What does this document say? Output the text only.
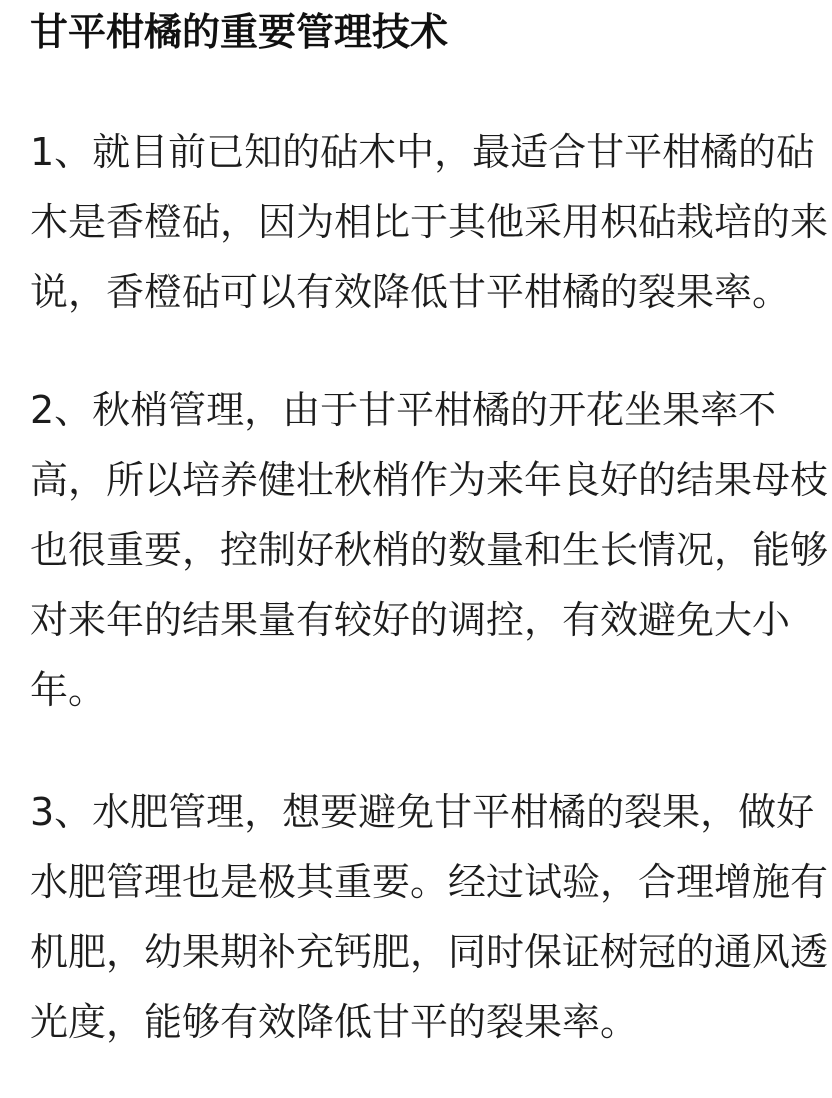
甘平柑橘的重要管理技术
1、就目前已知的砧木中，最适合甘平柑橘的砧
木是香橙砧，因为相比于其他采用枳砧栽培的来
说，香橙砧可以有效降低甘平柑橘的裂果率。
2、秋梢管理，由于甘平柑橘的开花坐果率不
高，所以培养健壮秋梢作为来年良好的结果母枝
也很重要，控制好秋梢的数量和生长情况，能够
对来年的结果量有较好的调控，有效避免大小
年。
3、水肥管理，想要避免甘平柑橘的裂果，做好
水肥管理也是极其重要。经过试验，合理增施有
机肥，幼果期补充钙肥，同时保证树冠的通风透
光度，能够有效降低甘平的裂果率。
